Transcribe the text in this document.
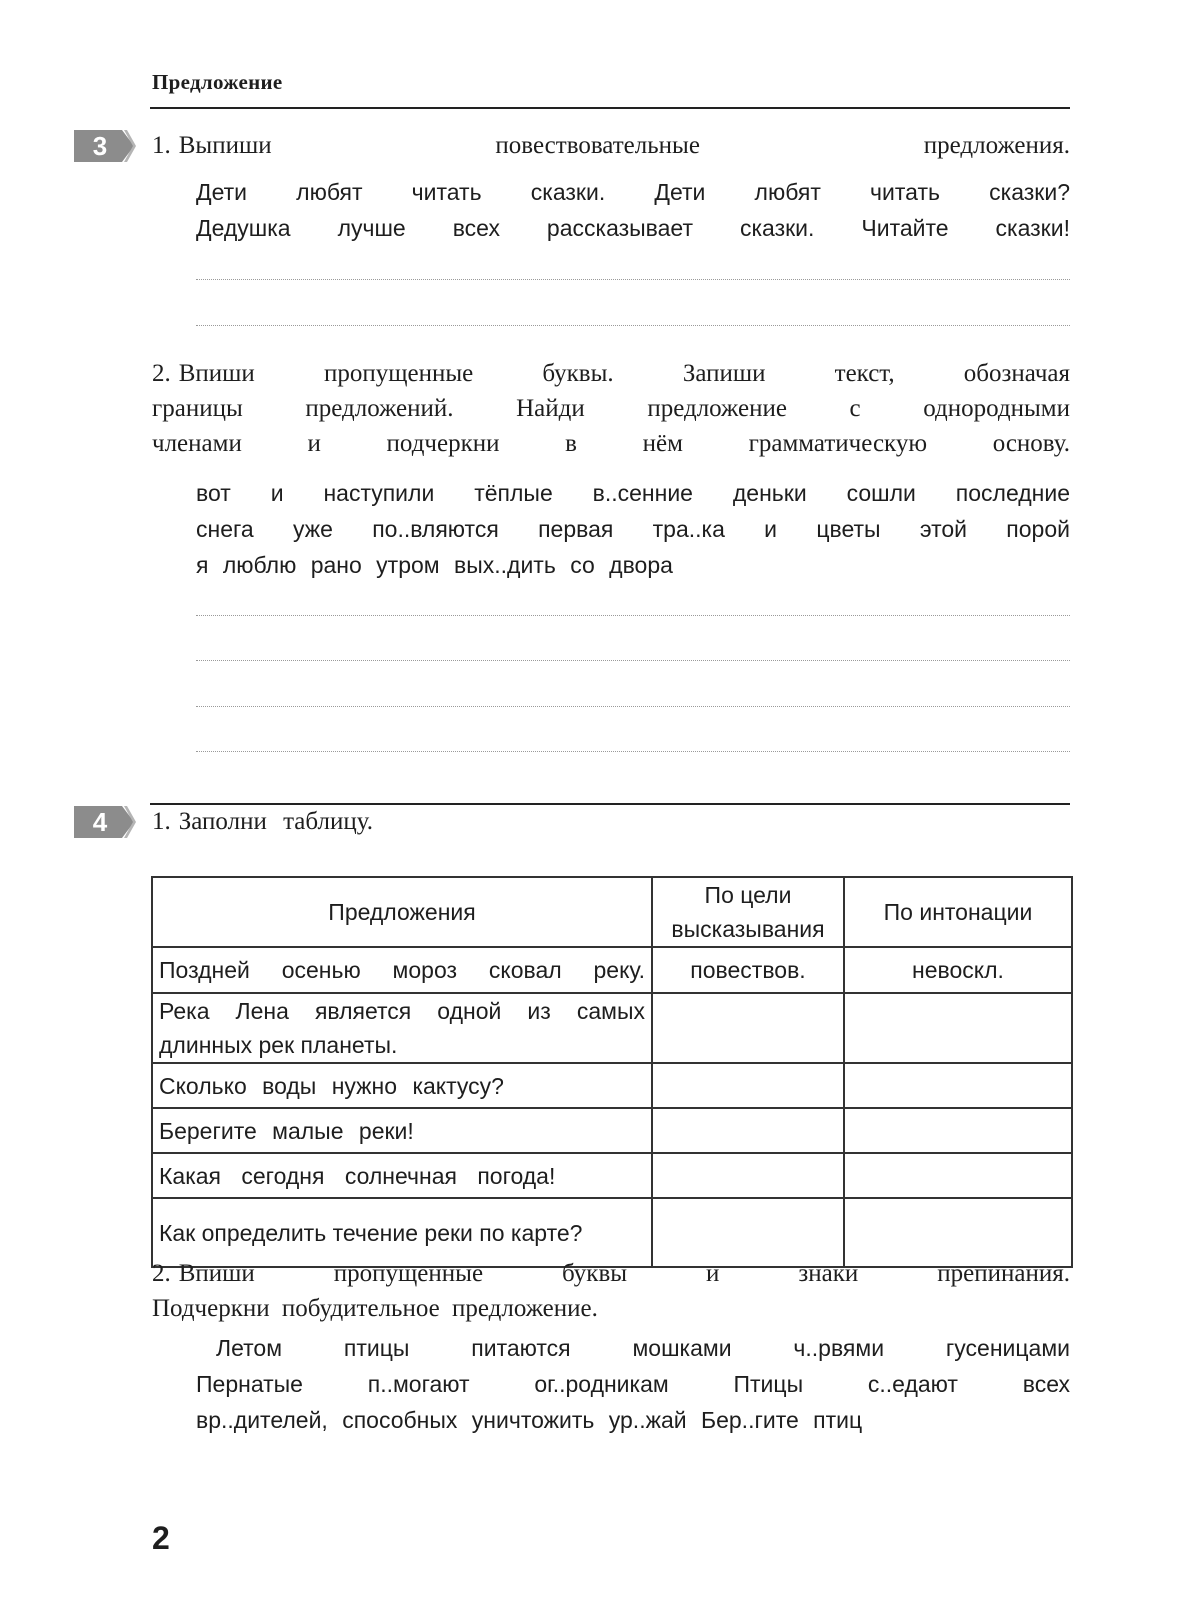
Предложение
3 1. Выпиши повествовательные предложения.
Дети любят читать сказки. Дети любят читать сказки?
Дедушка лучше всех рассказывает сказки. Читайте сказки!
2. Впиши пропущенные буквы. Запиши текст, обозначая
границы предложений. Найди предложение с однородными
членами и подчеркни в нём грамматическую основу.
вот и наступили тёплые в..сенние деньки сошли последние
снега уже по..вляются первая тра..ка и цветы этой порой
я люблю рано утром вых..дить со двора
4 1. Заполни таблицу.
Предложения	По цели высказывания	По интонации
Поздней осенью мороз сковал реку.	повествов.	невоскл.
Река Лена является одной из самых длинных рек планеты.		
Сколько воды нужно кактусу?		
Берегите малые реки!		
Какая сегодня солнечная погода!		
Как определить течение реки по карте?		
2. Впиши пропущенные буквы и знаки препинания.
Подчеркни побудительное предложение.
Летом птицы питаются мошками ч..рвями гусеницами
Пернатые п..могают ог..родникам Птицы с..едают всех
вр..дителей, способных уничтожить ур..жай Бер..гите птиц
2
